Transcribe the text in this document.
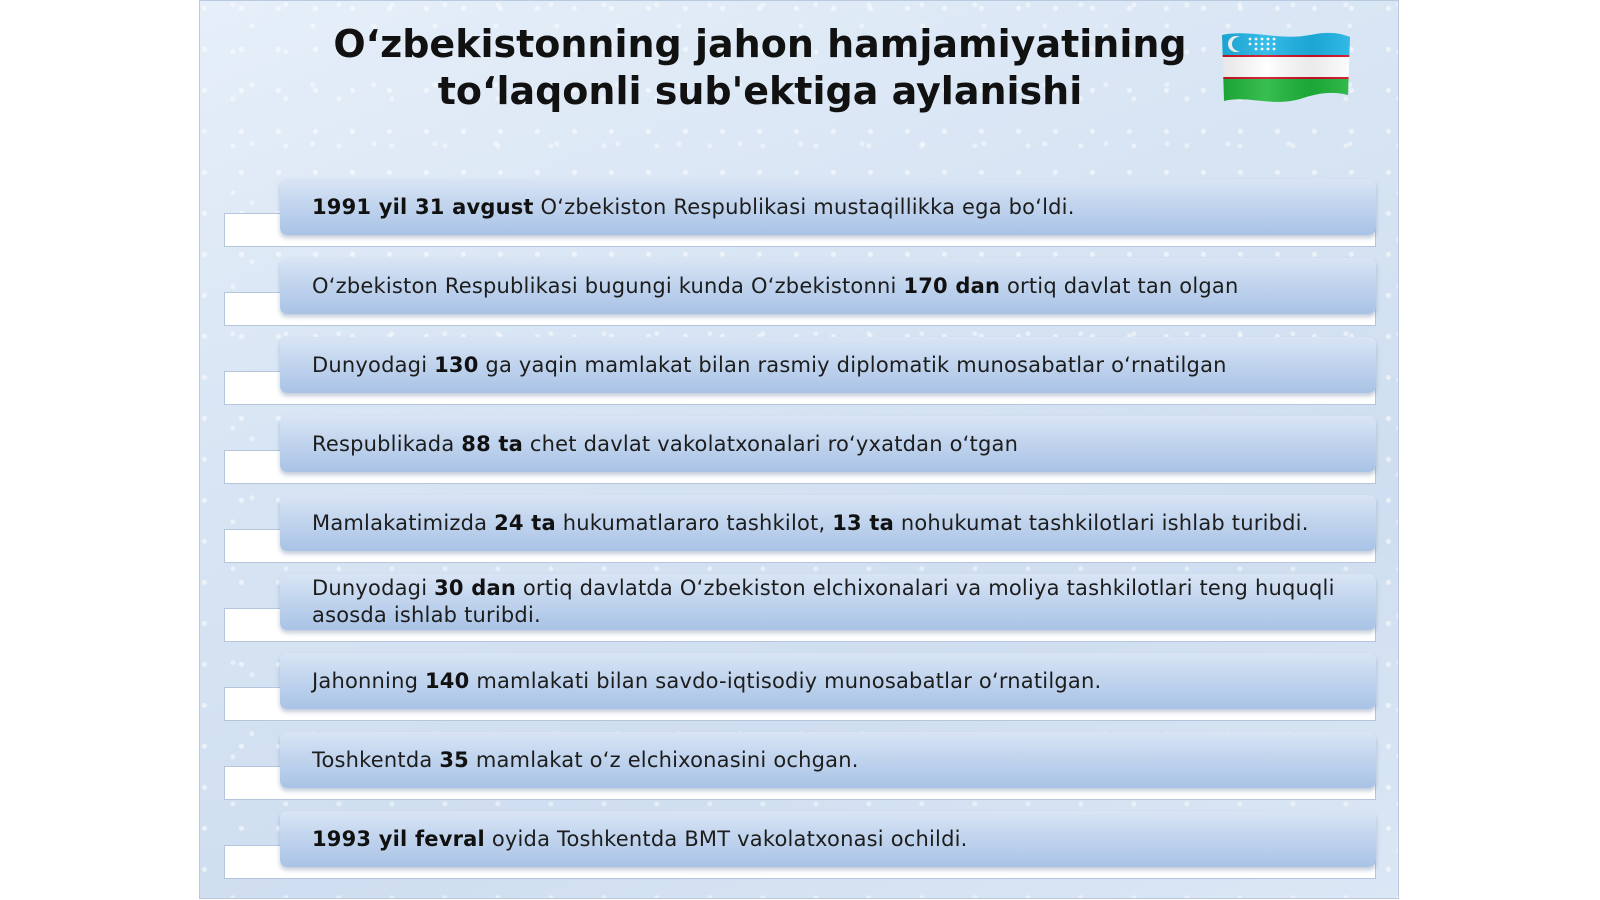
O‘zbekistonning jahon hamjamiyatining
to‘laqonli sub'ektiga aylanishi
1991 yil 31 avgust O‘zbekiston Respublikasi mustaqillikka ega bo‘ldi.
O‘zbekiston Respublikasi bugungi kunda O‘zbekistonni 170 dan ortiq davlat tan olgan
Dunyodagi 130 ga yaqin mamlakat bilan rasmiy diplomatik munosabatlar o‘rnatilgan
Respublikada 88 ta chet davlat vakolatxonalari ro‘yxatdan o‘tgan
Mamlakatimizda 24 ta hukumatlararo tashkilot, 13 ta nohukumat tashkilotlari ishlab turibdi.
Dunyodagi 30 dan ortiq davlatda O‘zbekiston elchixonalari va moliya tashkilotlari teng huquqli asosda ishlab turibdi.
Jahonning 140 mamlakati bilan savdo-iqtisodiy munosabatlar o‘rnatilgan.
Toshkentda 35 mamlakat o‘z elchixonasini ochgan.
1993 yil fevral oyida Toshkentda BMT vakolatxonasi ochildi.
